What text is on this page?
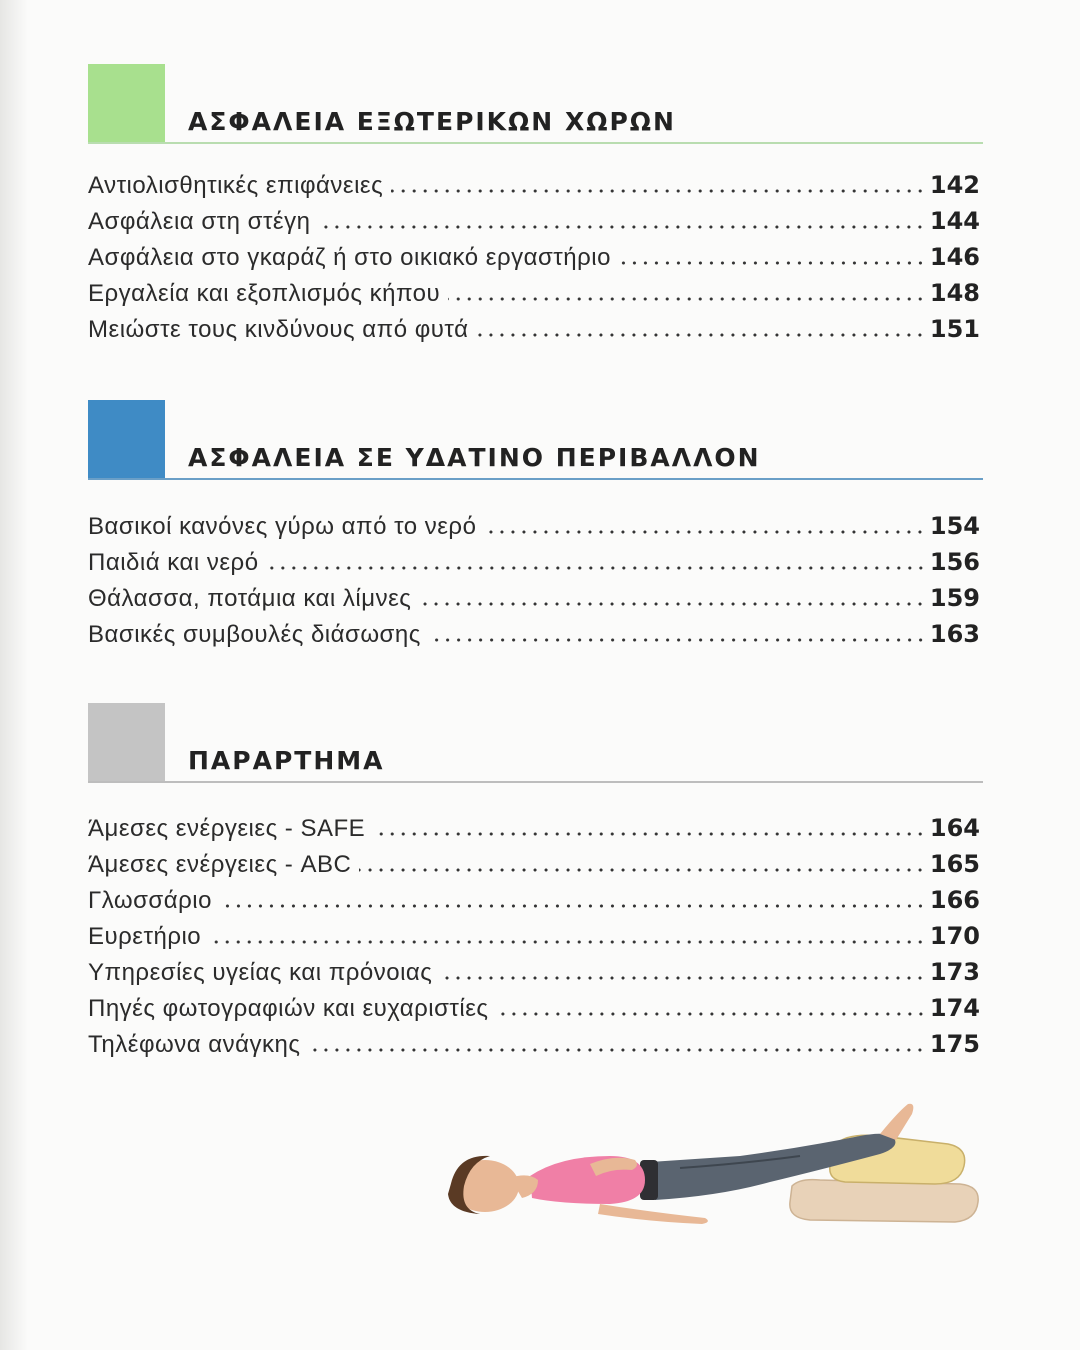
ΑΣΦΑΛΕΙΑ ΕΞΩΤΕΡΙΚΩΝ ΧΩΡΩΝ
Αντιολισθητικές επιφάνειες	142
Ασφάλεια στη στέγη	144
Ασφάλεια στο γκαράζ ή στο οικιακό εργαστήριο	146
Εργαλεία και εξοπλισμός κήπου	148
Μειώστε τους κινδύνους από φυτά	151
ΑΣΦΑΛΕΙΑ ΣΕ ΥΔΑΤΙΝΟ ΠΕΡΙΒΑΛΛΟΝ
Βασικοί κανόνες γύρω από το νερό	154
Παιδιά και νερό	156
Θάλασσα, ποτάμια και λίμνες	159
Βασικές συμβουλές διάσωσης	163
ΠΑΡΑΡΤΗΜΑ
Άμεσες ενέργειες - SAFE	164
Άμεσες ενέργειες - ABC	165
Γλωσσάριο	166
Ευρετήριο	170
Υπηρεσίες υγείας και πρόνοιας	173
Πηγές φωτογραφιών και ευχαριστίες	174
Τηλέφωνα ανάγκης	175
